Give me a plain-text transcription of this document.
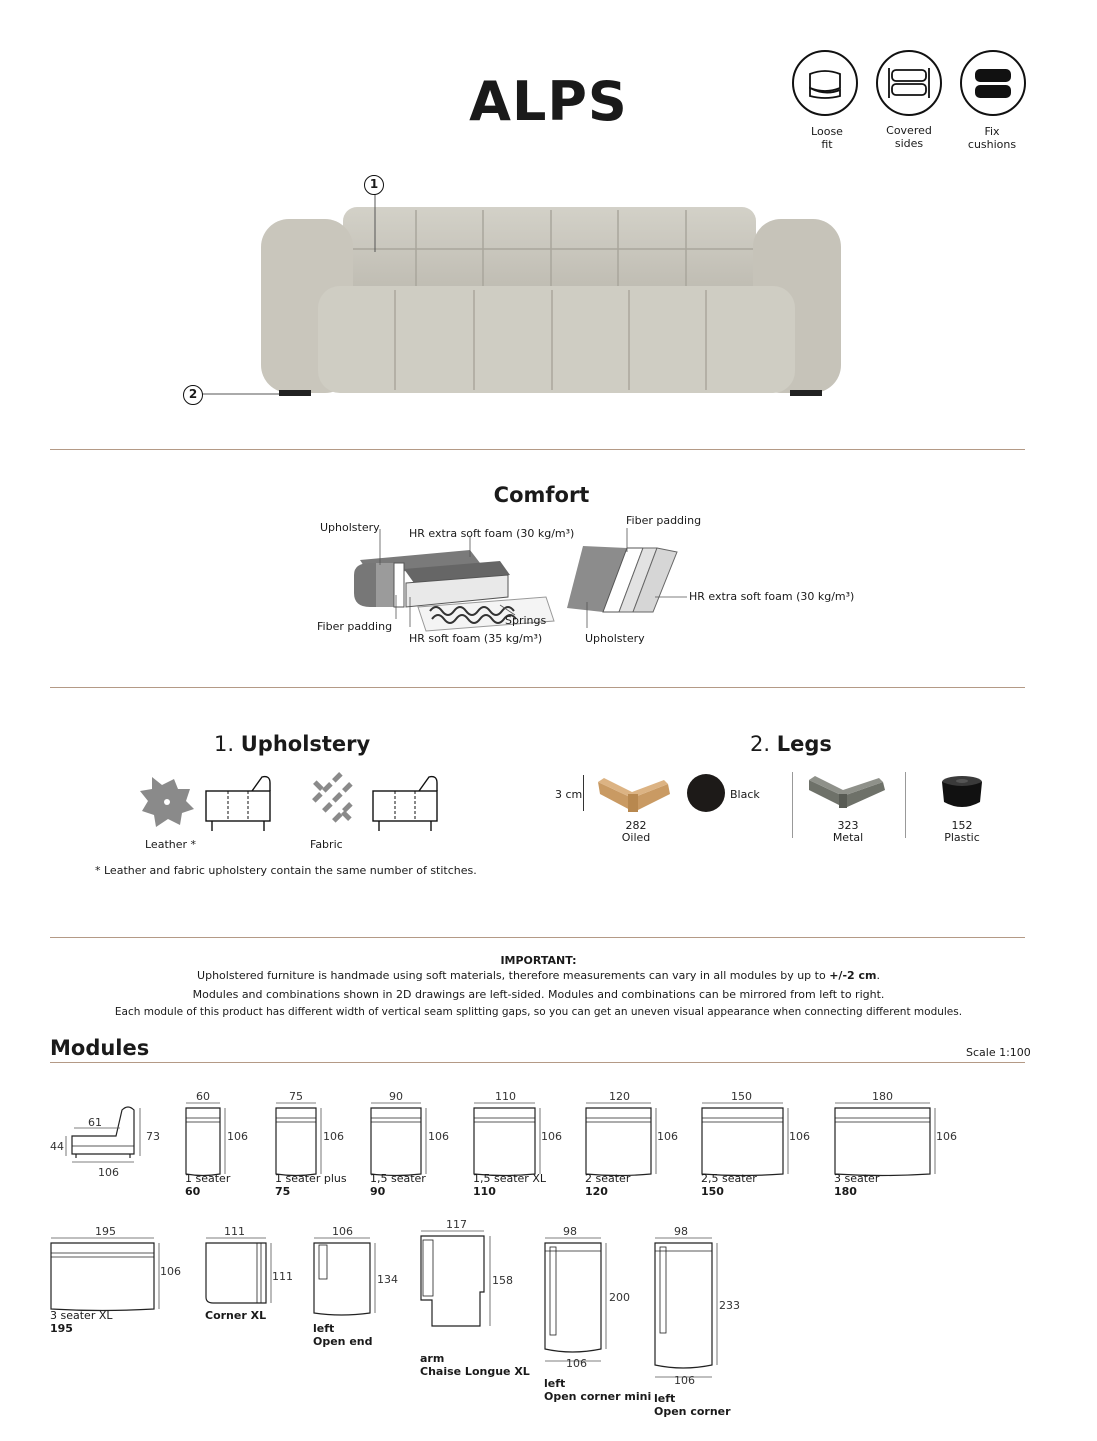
ALPS	Loose
fit
Covered
sides
Fix
cushions
1
2
Comfort
Upholstery	HR extra soft foam (30 kg/m³)
Fiber padding	Springs
HR soft foam (35 kg/m³)
Fiber padding
HR extra soft foam (30 kg/m³)
Upholstery
1. Upholstery
Leather *	Fabric
* Leather and fabric upholstery contain the same number of stitches.
2. Legs
3 cm
282
Oiled
Black
323
Metal
152
Plastic
IMPORTANT:
Upholstered furniture is handmade using soft materials, therefore measurements can vary in all modules by up to +/-2 cm.
Modules and combinations shown in 2D drawings are left-sided. Modules and combinations can be mirrored from left to right.
Each module of this product has different width of vertical seam splitting gaps, so you can get an uneven visual appearance when connecting different modules.
Modules	Scale 1:100
61
44
73
106
60
106
1 seater
60
75
106
1 seater plus
75
90
106
1,5 seater
90
110
106
1,5 seater XL
110
120
106
2 seater
120
150
106
2,5 seater
150
180
106
3 seater
180
195
106
3 seater XL
195
111
111
Corner XL
106
134
left
Open end
117
158
arm
Chaise Longue XL
98
200
106
left
Open corner mini
98
233
106
left
Open corner
